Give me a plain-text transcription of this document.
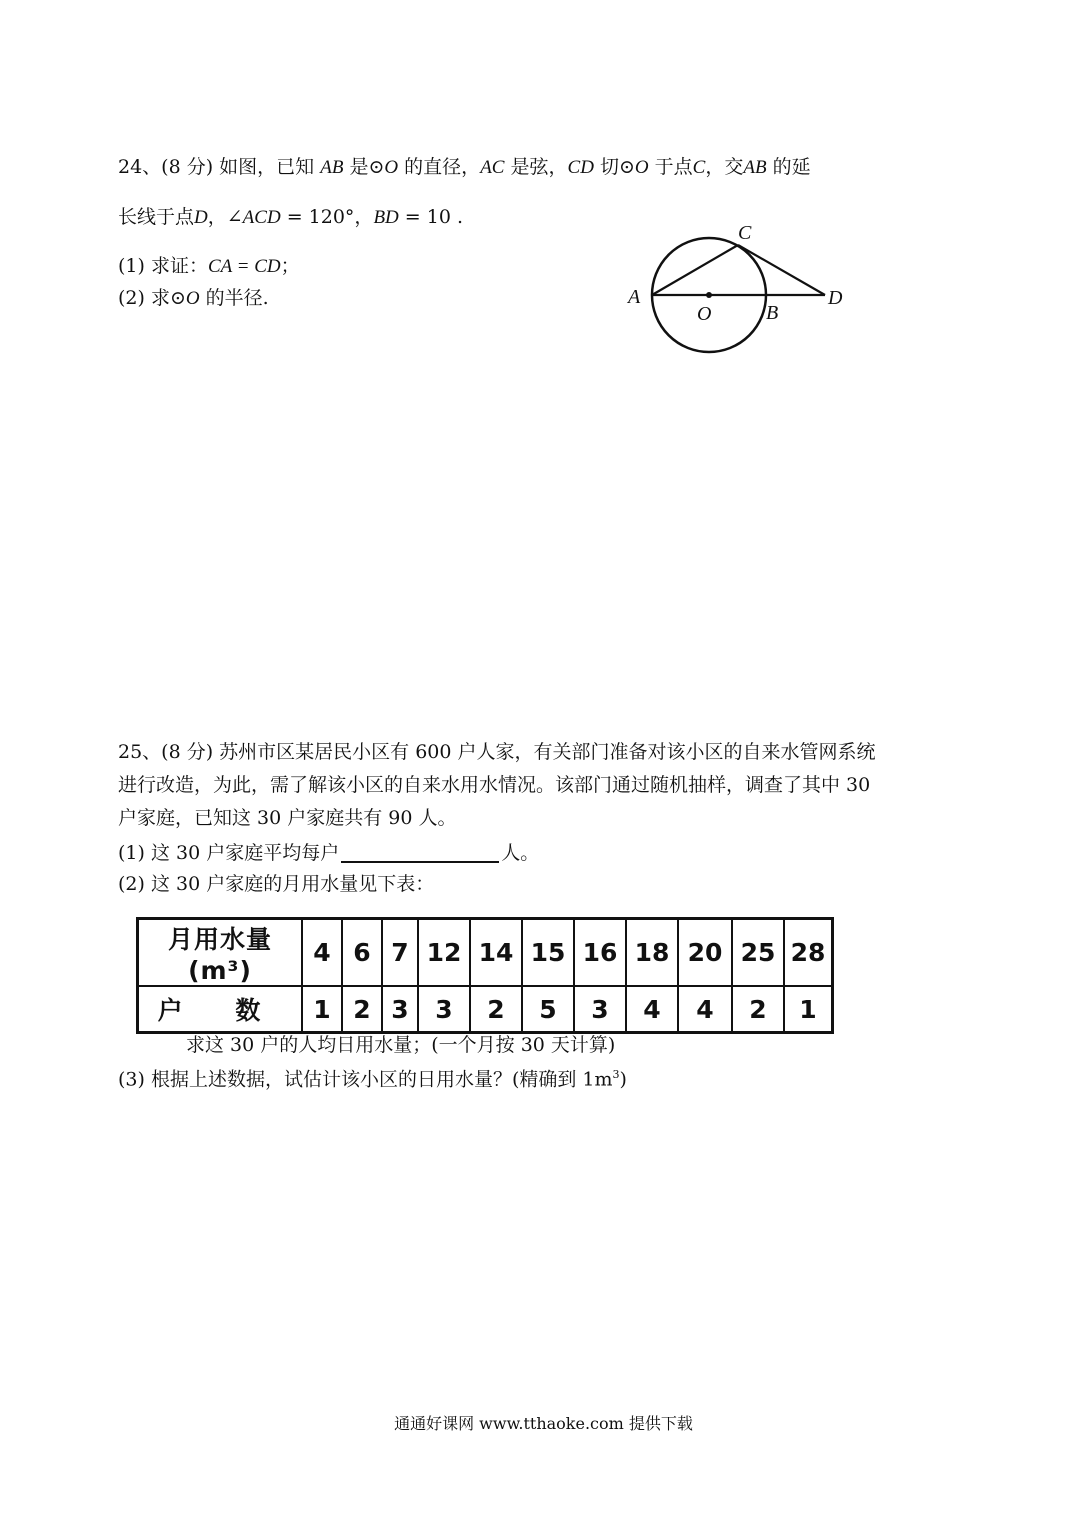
24、(8 分) 如图，已知 AB 是⊙O 的直径，AC 是弦，CD 切⊙O 于点C，交AB 的延
长线于点D，∠ACD = 120°，BD = 10 .
(1) 求证：CA = CD；
(2) 求⊙O 的半径.	A
C
D
O	B
25、(8 分) 苏州市区某居民小区有 600 户人家，有关部门准备对该小区的自来水管网系统
进行改造，为此，需了解该小区的自来水用水情况。该部门通过随机抽样，调查了其中 30
户家庭，已知这 30 户家庭共有 90 人。
(1) 这 30 户家庭平均每户	人。
(2) 这 30 户家庭的月用水量见下表：
月用水量(m³)	4	6	7	12	14	15	16	18	20	25	28
户 数	1	2	3	3	2	5	3	4	4	2	1
求这 30 户的人均日用水量；(一个月按 30 天计算)
(3) 根据上述数据，试估计该小区的日用水量？(精确到 $1m^3$)
通通好课网 www.tthaoke.com 提供下载
